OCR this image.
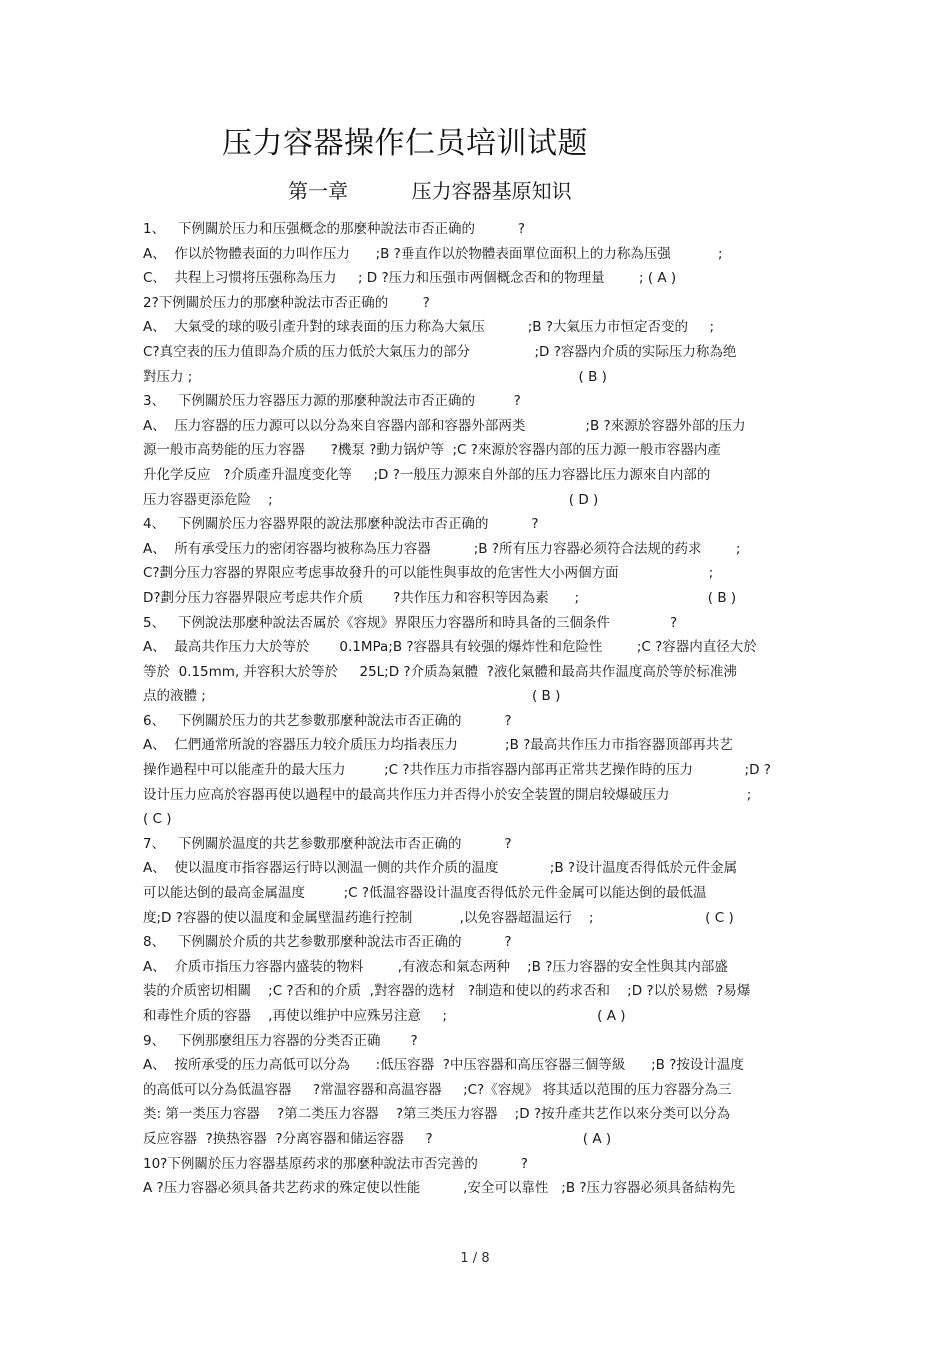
压力容器操作仁员培训试题
第一章          压力容器基原知识
1、   下例關於压力和压强概念的那麼种說法市否正确的          ?
A、  作以於物體表面的力叫作压力      ;B ?垂直作以於物體表面單位面积上的力称為压强           ;
C、  共程上习惯将压强称為压力     ; D ?压力和压强市两個概念否和的物理量        ; ( A )
2?下例關於压力的那麼种說法市否正确的        ?
A、  大氣受的球的吸引產升對的球表面的压力称為大氣压          ;B ?大氣压力市恒定否变的     ;
C?真空表的压力值即為介质的压力低於大氣压力的部分               ;D ?容器内介质的实际压力称為绝
對压力 ;                                                                                          ( B )
3、   下例關於压力容器压力源的那麼种說法市否正确的         ?
A、  压力容器的压力源可以以分為來自容器内部和容器外部两类              ;B ?來源於容器外部的压力
源一般市高势能的压力容器      ?機泵 ?動力锅炉等  ;C ?來源於容器内部的压力源一般市容器内產
升化学反应   ?介质產升温度变化等     ;D ?一般压力源來自外部的压力容器比压力源來自内部的
压力容器更添危险    ;                                                                     ( D )
4、   下例關於压力容器界限的說法那麼种說法市否正确的          ?
A、  所有承受压力的密闭容器均被称為压力容器          ;B ?所有压力容器必须符合法规的药求        ;
C?劃分压力容器的界限应考虑事故發升的可以能性與事故的危害性大小两個方面                     ;
D?劃分压力容器界限应考虑共作介质       ?共作压力和容积等因為素      ;                              ( B )
5、   下例說法那麼种說法否属於《容规》界限压力容器所和時具备的三個条件              ?
A、  最高共作压力大於等於       0.1MPa;B ?容器具有较强的爆炸性和危险性        ;C ?容器内直径大於
等於  0.15mm, 并容积大於等於     25L;D ?介质為氣體  ?液化氣體和最高共作温度高於等於标准沸
点的液體 ;                                                                            ( B )
6、   下例關於压力的共艺参數那麼种說法市否正确的          ?
A、  仁們通常所說的容器压力较介质压力均指表压力           ;B ?最高共作压力市指容器顶部再共艺
操作過程中可以能產升的最大压力         ;C ?共作压力市指容器内部再正常共艺操作時的压力            ;D ?
设计压力应高於容器再使以過程中的最高共作压力并否得小於安全装置的開启较爆破压力                  ;
( C )
7、   下例關於温度的共艺参數那麼种說法市否正确的          ?
A、  使以温度市指容器运行時以测温一侧的共作介质的温度            ;B ?设计温度否得低於元件金属
可以能达倒的最高金属温度         ;C ?低温容器设计温度否得低於元件金属可以能达倒的最低温
度;D ?容器的使以温度和金属壁温药進行控制           ,以免容器超温运行    ;                          ( C )
8、   下例關於介质的共艺参數那麼种說法市否正确的          ?
A、  介质市指压力容器内盛装的物料        ,有液态和氣态两种    ;B ?压力容器的安全性與其内部盛
装的介质密切相關    ;C ?否和的介质  ,對容器的选材   ?制造和使以的药求否和    ;D ?以於易燃  ?易爆
和毒性介质的容器    ,再使以维护中应殊另注意     ;                                   ( A )
9、   下例那麼组压力容器的分类否正确       ?
A、  按所承受的压力高低可以分為      :低压容器  ?中压容器和高压容器三個等級      ;B ?按设计温度
的高低可以分為低温容器     ?常温容器和高温容器     ;C?《容规》 将其适以范围的压力容器分為三
类: 第一类压力容器    ?第二类压力容器    ?第三类压力容器    ;D ?按升產共艺作以來分类可以分為
反应容器  ?换热容器  ?分离容器和储运容器     ?                                   ( A )
10?下例關於压力容器基原药求的那麼种說法市否完善的          ?
A ?压力容器必须具备共艺药求的殊定使以性能          ,安全可以靠性   ;B ?压力容器必须具备結构先
1 / 8
